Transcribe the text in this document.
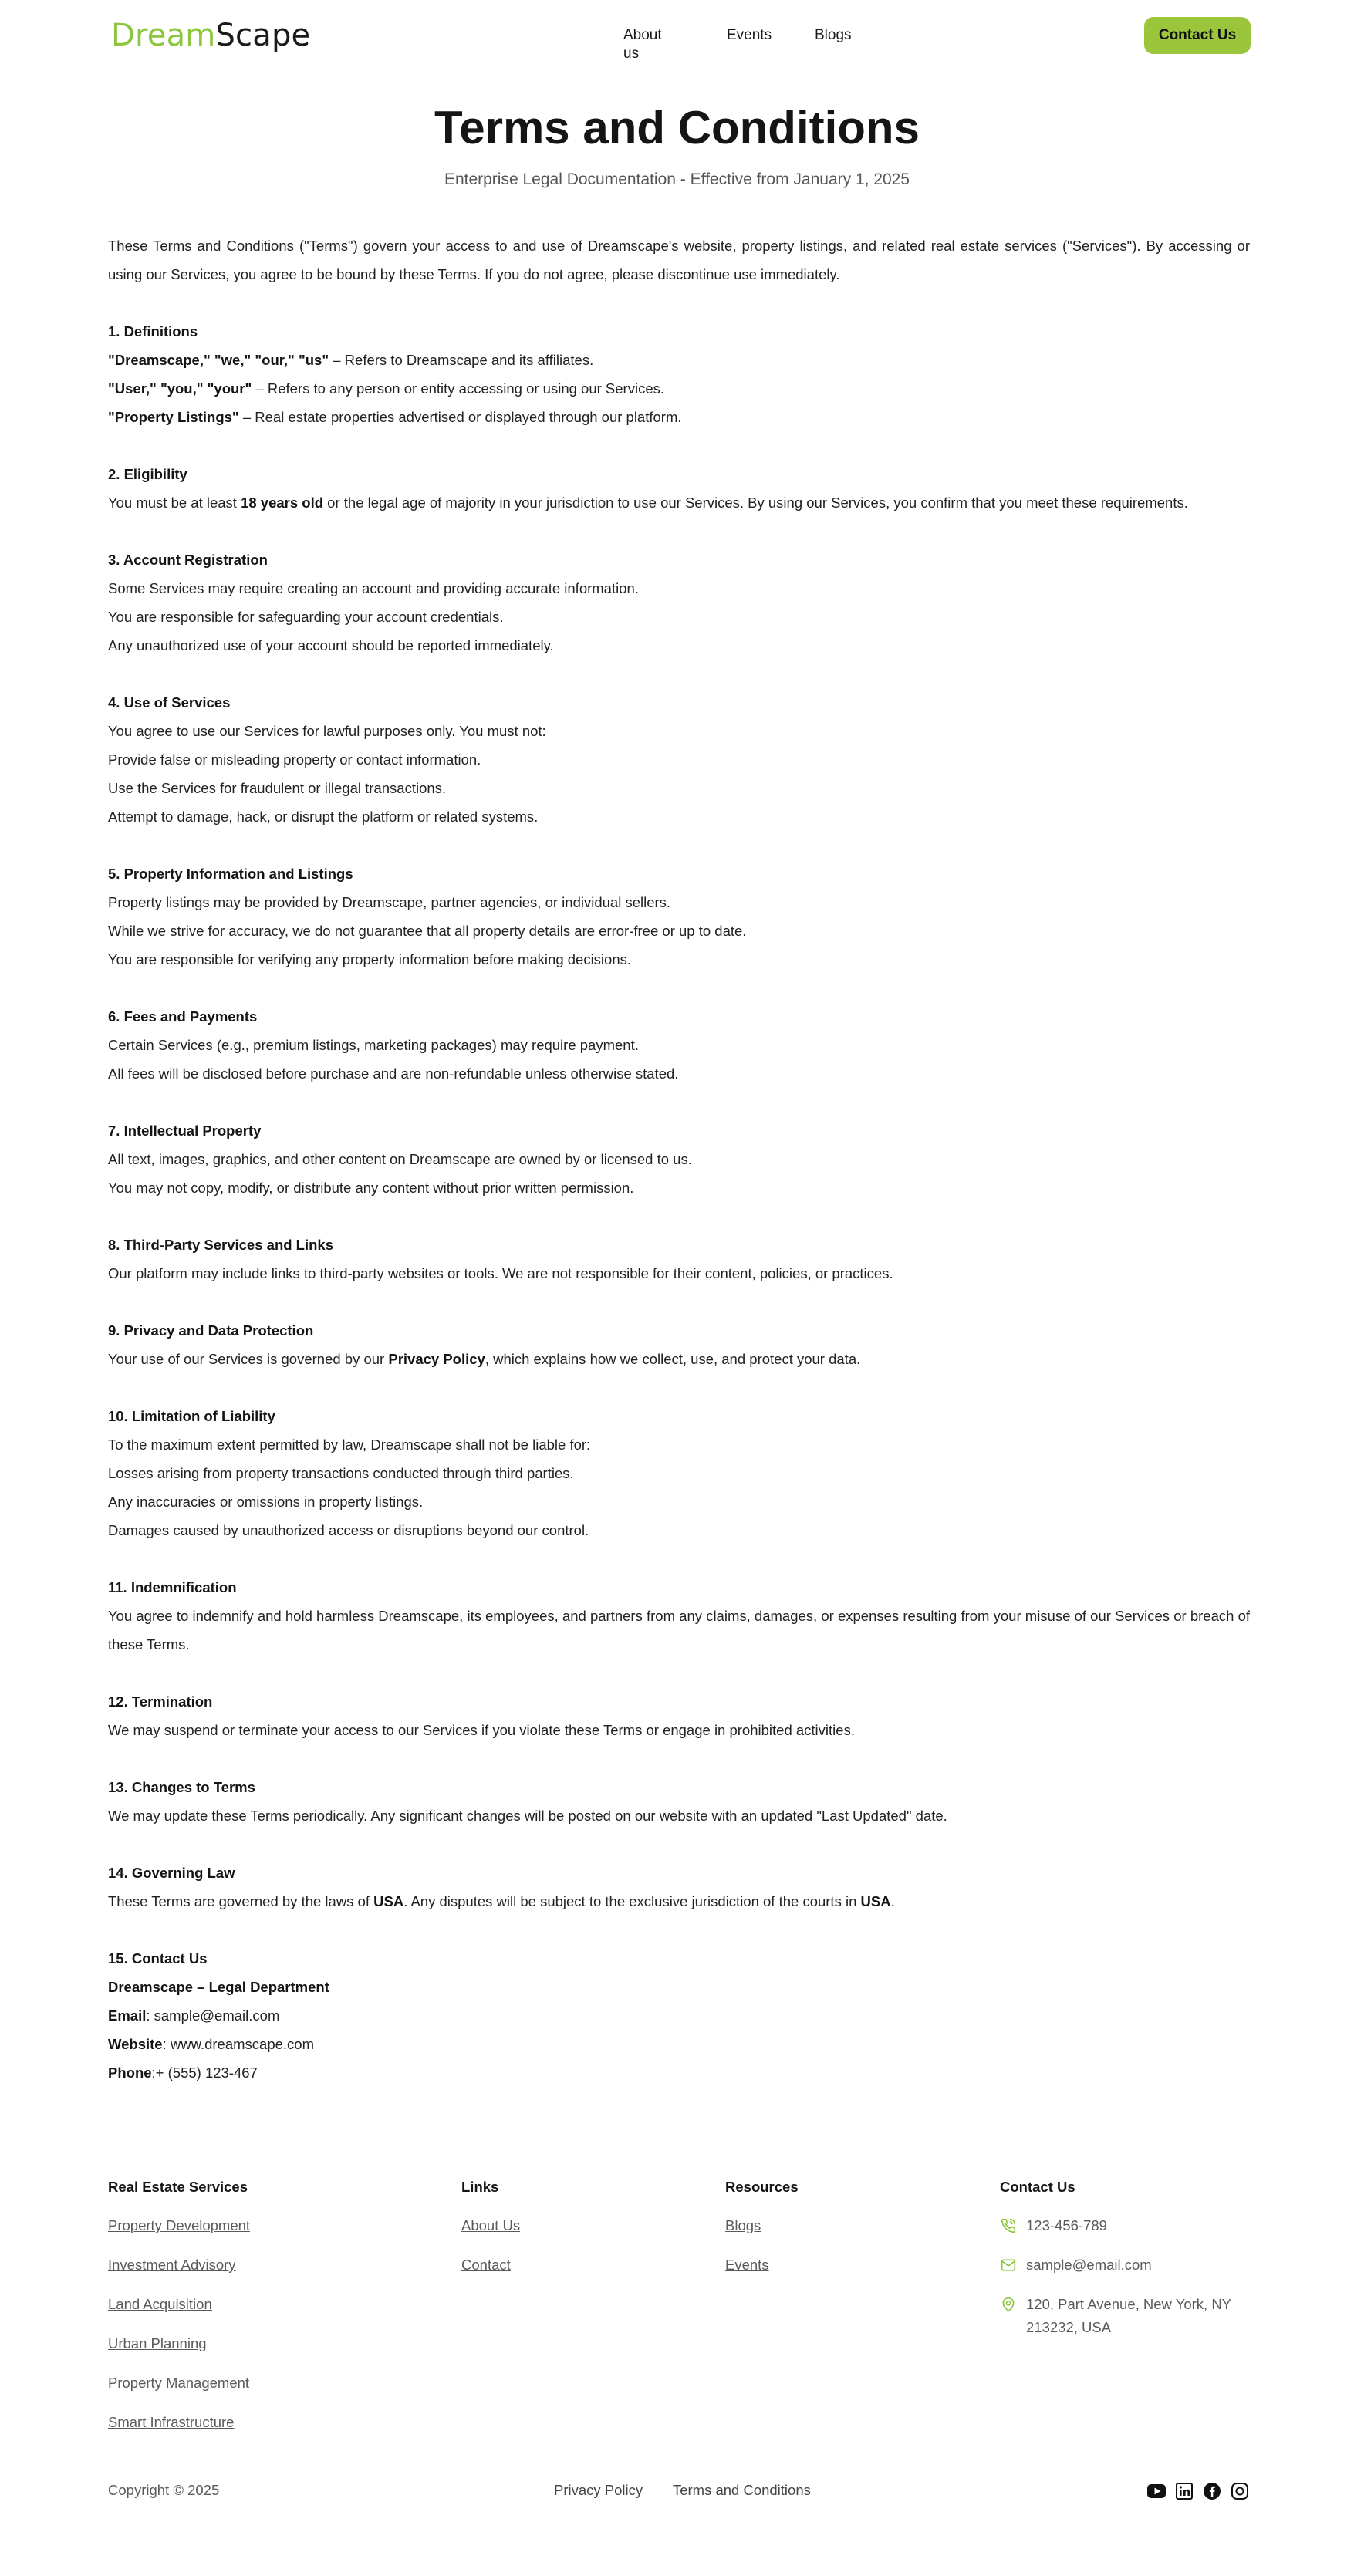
DreamScape	About us
Events	Blogs	Contact Us
Terms and Conditions
Enterprise Legal Documentation - Effective from January 1, 2025

These Terms and Conditions ("Terms") govern your access to and use of Dreamscape's website, property listings, and related real estate services ("Services"). By accessing or using our Services, you agree to be bound by these Terms. If you do not agree, please discontinue use immediately.

1. Definitions

"Dreamscape," "we," "our," "us" – Refers to Dreamscape and its affiliates.

"User," "you," "your" – Refers to any person or entity accessing or using our Services.

"Property Listings" – Real estate properties advertised or displayed through our platform.

2. Eligibility

You must be at least 18 years old or the legal age of majority in your jurisdiction to use our Services. By using our Services, you confirm that you meet these requirements.

3. Account Registration

Some Services may require creating an account and providing accurate information.

You are responsible for safeguarding your account credentials.

Any unauthorized use of your account should be reported immediately.

4. Use of Services

You agree to use our Services for lawful purposes only. You must not:

Provide false or misleading property or contact information.

Use the Services for fraudulent or illegal transactions.

Attempt to damage, hack, or disrupt the platform or related systems.

5. Property Information and Listings

Property listings may be provided by Dreamscape, partner agencies, or individual sellers.

While we strive for accuracy, we do not guarantee that all property details are error-free or up to date.

You are responsible for verifying any property information before making decisions.

6. Fees and Payments

Certain Services (e.g., premium listings, marketing packages) may require payment.

All fees will be disclosed before purchase and are non-refundable unless otherwise stated.

7. Intellectual Property

All text, images, graphics, and other content on Dreamscape are owned by or licensed to us.

You may not copy, modify, or distribute any content without prior written permission.

8. Third-Party Services and Links

Our platform may include links to third-party websites or tools. We are not responsible for their content, policies, or practices.

9. Privacy and Data Protection

Your use of our Services is governed by our Privacy Policy, which explains how we collect, use, and protect your data.

10. Limitation of Liability

To the maximum extent permitted by law, Dreamscape shall not be liable for:

Losses arising from property transactions conducted through third parties.

Any inaccuracies or omissions in property listings.

Damages caused by unauthorized access or disruptions beyond our control.

11. Indemnification

You agree to indemnify and hold harmless Dreamscape, its employees, and partners from any claims, damages, or expenses resulting from your misuse of our Services or breach of these Terms.

12. Termination

We may suspend or terminate your access to our Services if you violate these Terms or engage in prohibited activities.

13. Changes to Terms

We may update these Terms periodically. Any significant changes will be posted on our website with an updated "Last Updated" date.

14. Governing Law

These Terms are governed by the laws of USA. Any disputes will be subject to the exclusive jurisdiction of the courts in USA.

15. Contact Us

Dreamscape – Legal Department

Email: sample@email.com

Website: www.dreamscape.com

Phone:+ (555) 123-467

Real Estate Services
Property Development
Investment Advisory
Land Acquisition
Urban Planning
Property Management
Smart Infrastructure
Links
About Us
Contact
Resources
Blogs
Events
Contact Us
123-456-789
sample@email.com
120, Part Avenue, New York, NY 213232, USA
Copyright © 2025	Privacy Policy Terms and Conditions
